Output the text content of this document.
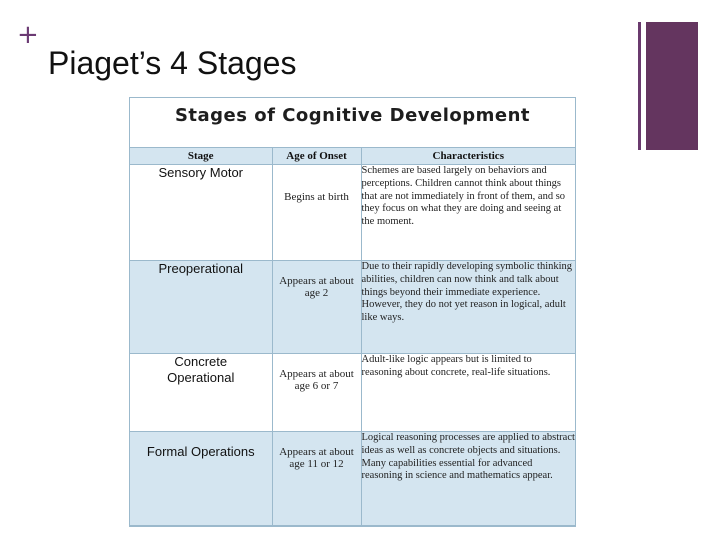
+
Piaget’s 4 Stages
Stages of Cognitive Development
Stage	Age of Onset	Characteristics

Sensory Motor	Begins at birth	Schemes are based largely on behaviors and perceptions. Children cannot think about things that are not immediately in front of them, and so they focus on what they are doing and seeing at the moment.

Preoperational	Appears at about age 2	Due to their rapidly developing symbolic thinking abilities, children can now think and talk about things beyond their immediate experience. However, they do not yet reason in logical, adult like ways.

Concrete Operational	Appears at about age 6 or 7	Adult-like logic appears but is limited to reasoning about concrete, real-life situations.

Formal Operations	Appears at about age 11 or 12	Logical reasoning processes are applied to abstract ideas as well as concrete objects and situations. Many capabilities essential for advanced reasoning in science and mathematics appear.
